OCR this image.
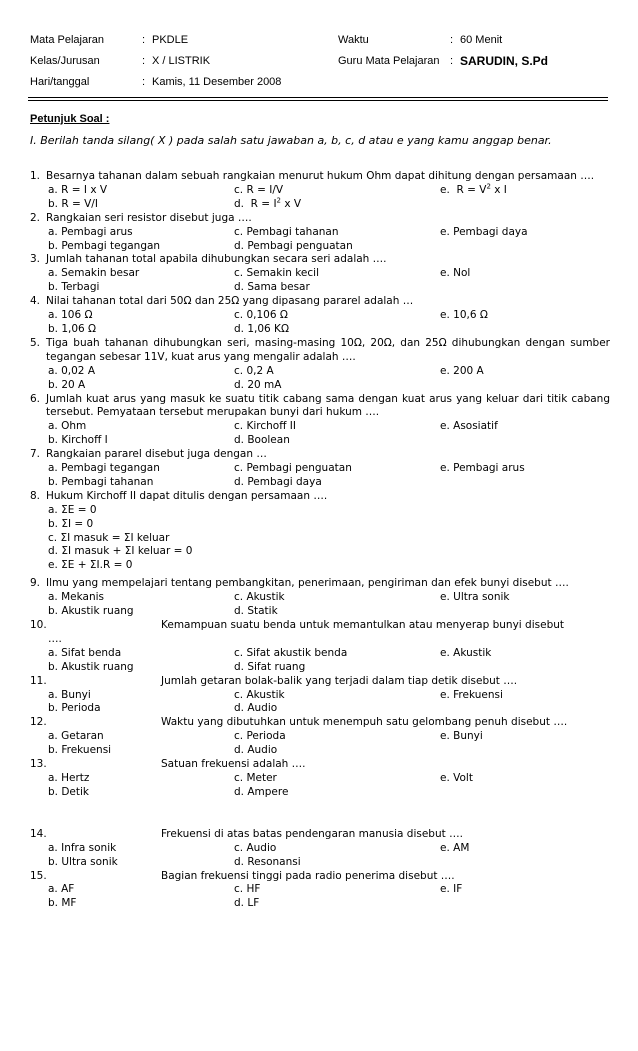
Mata Pelajaran	: PKDLE	Waktu	: 60 Menit
Kelas/Jurusan	: X / LISTRIK	Guru Mata Pelajaran : SARUDIN, S.Pd
Hari/tanggal	: Kamis, 11 Desember 2008
Petunjuk Soal :
I. Berilah tanda silang( X ) pada salah satu jawaban a, b, c, d atau e yang kamu anggap benar.
1. Besarnya tahanan dalam sebuah rangkaian menurut hukum Ohm dapat dihitung dengan persamaan ….
a. R = I x V	c. R = I/V	e.  $R = V^2$ x I
b. R = V/I	d.  $R = I^2$ x V
2. Rangkaian seri resistor disebut juga ….
a. Pembagi arus	c. Pembagi tahanan	e. Pembagi daya
b. Pembagi tegangan	d. Pembagi penguatan
3. Jumlah tahanan total apabila dihubungkan secara seri adalah ….
a. Semakin besar	c. Semakin kecil	e. Nol
b. Terbagi	d. Sama besar
4. Nilai tahanan total dari 50Ω dan 25Ω yang dipasang pararel adalah …
a. 106 Ω	c. 0,106 Ω	e. 10,6 Ω
b. 1,06 Ω	d. 1,06 KΩ
5. Tiga buah tahanan dihubungkan seri, masing-masing 10Ω, 20Ω, dan 25Ω dihubungkan dengan sumber tegangan sebesar 11V, kuat arus yang mengalir adalah ….
a. 0,02 A	c. 0,2 A	e. 200 A
b. 20 A	d. 20 mA
6. Jumlah kuat arus yang masuk ke suatu titik cabang sama dengan kuat arus yang keluar dari titik cabang tersebut. Pemyataan tersebut merupakan bunyi dari hukum ….
a. Ohm	c. Kirchoff II	e. Asosiatif
b. Kirchoff I	d. Boolean
7. Rangkaian pararel disebut juga dengan …
a. Pembagi tegangan	c. Pembagi penguatan	e. Pembagi arus
b. Pembagi tahanan	d. Pembagi daya
8. Hukum Kirchoff II dapat ditulis dengan persamaan ….
a. ΣE = 0
b. ΣI = 0
c. ΣI masuk = ΣI keluar
d. ΣI masuk + ΣI keluar = 0
e. ΣE + ΣI.R = 0
9. Ilmu yang mempelajari tentang pembangkitan, penerimaan, pengiriman dan efek bunyi disebut ….
a. Mekanis	c. Akustik	e. Ultra sonik
b. Akustik ruang	d. Statik
10.	Kemampuan suatu benda untuk memantulkan atau menyerap bunyi disebut
….
a. Sifat benda	c. Sifat akustik benda	e. Akustik
b. Akustik ruang	d. Sifat ruang
11.	Jumlah getaran bolak-balik yang terjadi dalam tiap detik disebut ….
a. Bunyi	c. Akustik	e. Frekuensi
b. Perioda	d. Audio
12.	Waktu yang dibutuhkan untuk menempuh satu gelombang penuh disebut ….
a. Getaran	c. Perioda	e. Bunyi
b. Frekuensi	d. Audio
13.	Satuan frekuensi adalah ….
a. Hertz	c. Meter	e. Volt
b. Detik	d. Ampere
14.	Frekuensi di atas batas pendengaran manusia disebut ….
a. Infra sonik	c. Audio	e. AM
b. Ultra sonik	d. Resonansi
15.	Bagian frekuensi tinggi pada radio penerima disebut ….
a. AF	c. HF	e. IF
b. MF	d. LF
